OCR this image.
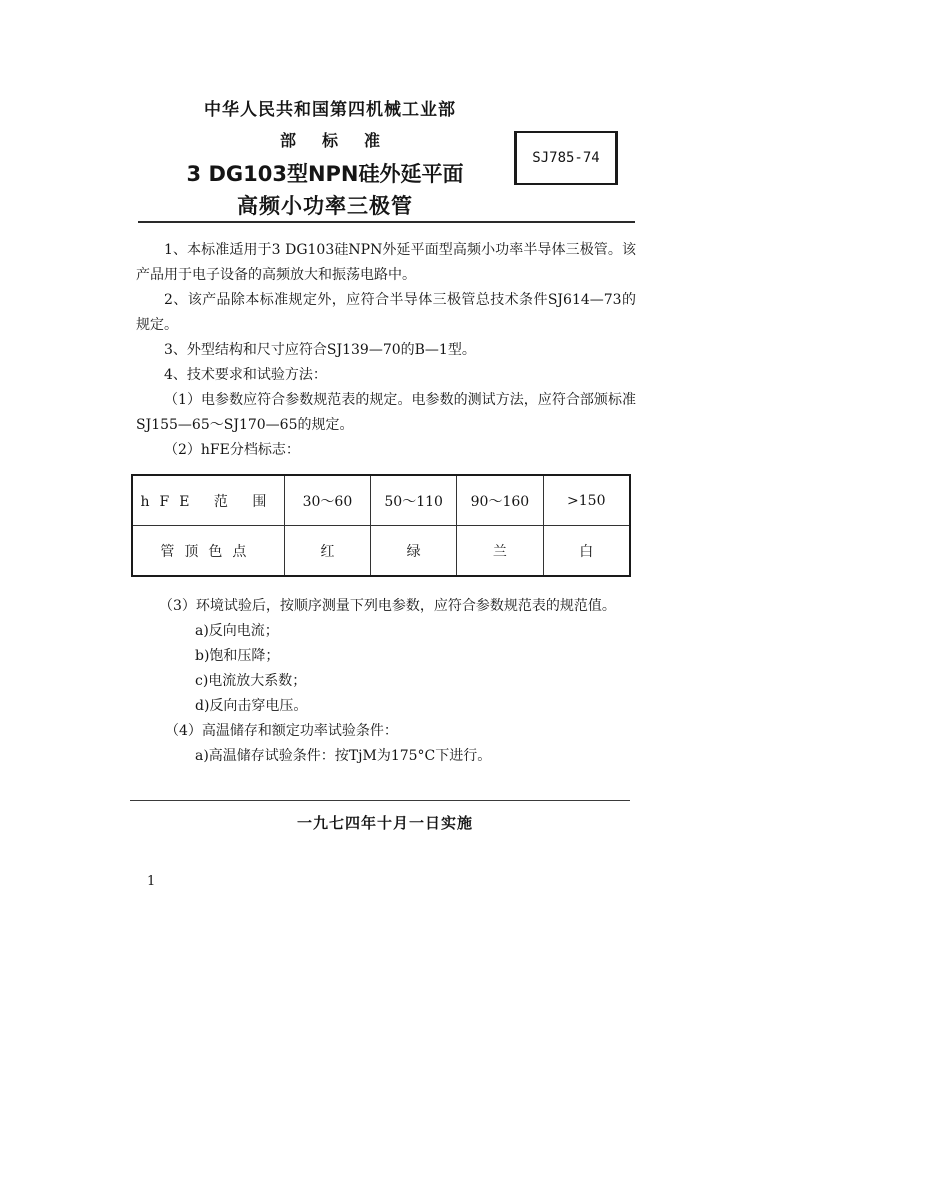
中华人民共和国第四机械工业部
部标准
3 DG103型NPN硅外延平面
高频小功率三极管
SJ785-74

1、本标准适用于3 DG103硅NPN外延平面型高频小功率半导体三极管。该产品用于电子设备的高频放大和振荡电路中。

2、该产品除本标准规定外，应符合半导体三极管总技术条件SJ614—73的规定。

3、外型结构和尺寸应符合SJ139—70的B—1型。

4、技术要求和试验方法：

（1）电参数应符合参数规范表的规定。电参数的测试方法，应符合部颁标准SJ155—65～SJ170—65的规定。

（2）hFE分档标志：

hFE 范 围	30～60	50～110	90～160	>150
管顶色点	红	绿	兰	白

（3）环境试验后，按顺序测量下列电参数，应符合参数规范表的规范值。

a)反向电流；

b)饱和压降；

c)电流放大系数；

d)反向击穿电压。

（4）高温储存和额定功率试验条件：

a)高温储存试验条件：按TjM为175°C下进行。

一九七四年十月一日实施
1
